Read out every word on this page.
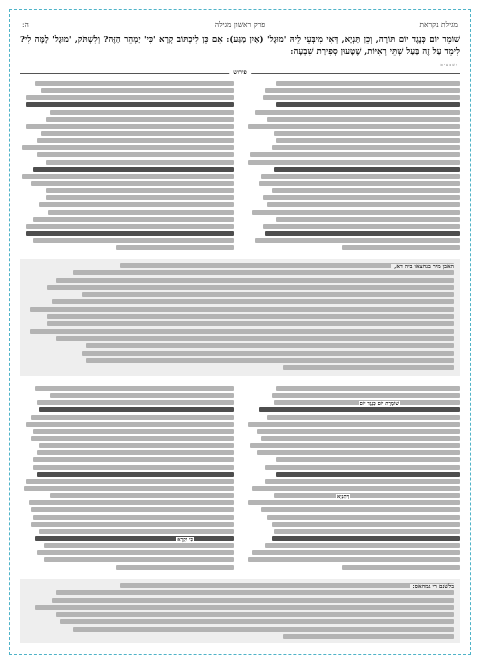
מגילת נקראת
פרק ראשון מגילה
ה:

שׁוֹמֵר יוֹם כְּנֶגֶד יוֹם תּוֹרָה, וְכֵן תַּנְיָא, דְּאִי מִיבְּעֵי לֵיהּ 'מוּגָל' (אַיִן מַגַּע): אִם כֵּן לִיכְתּוֹב קְרָא 'כִּי' יַמְהֵר הַזֶּה? וְלִשְׁתֹּק, 'מוּגָל' לָמָּה לִי? לִימֵד עַל זֶה בַּעַל שְׁתֵּי רְאִיּוֹת, שֶׁטָּעוּן סְפִירַת שִׁבְעָה:

ושבעים
פירוש
האבן מיר בנחצאו ביה דא,
שׁוֹמֶרֶת יוֹם כְּנֶגֶד יוֹם
דְּתַנְיָא
כִּי יִקְרָא
בלשנם רי גמחאס:
